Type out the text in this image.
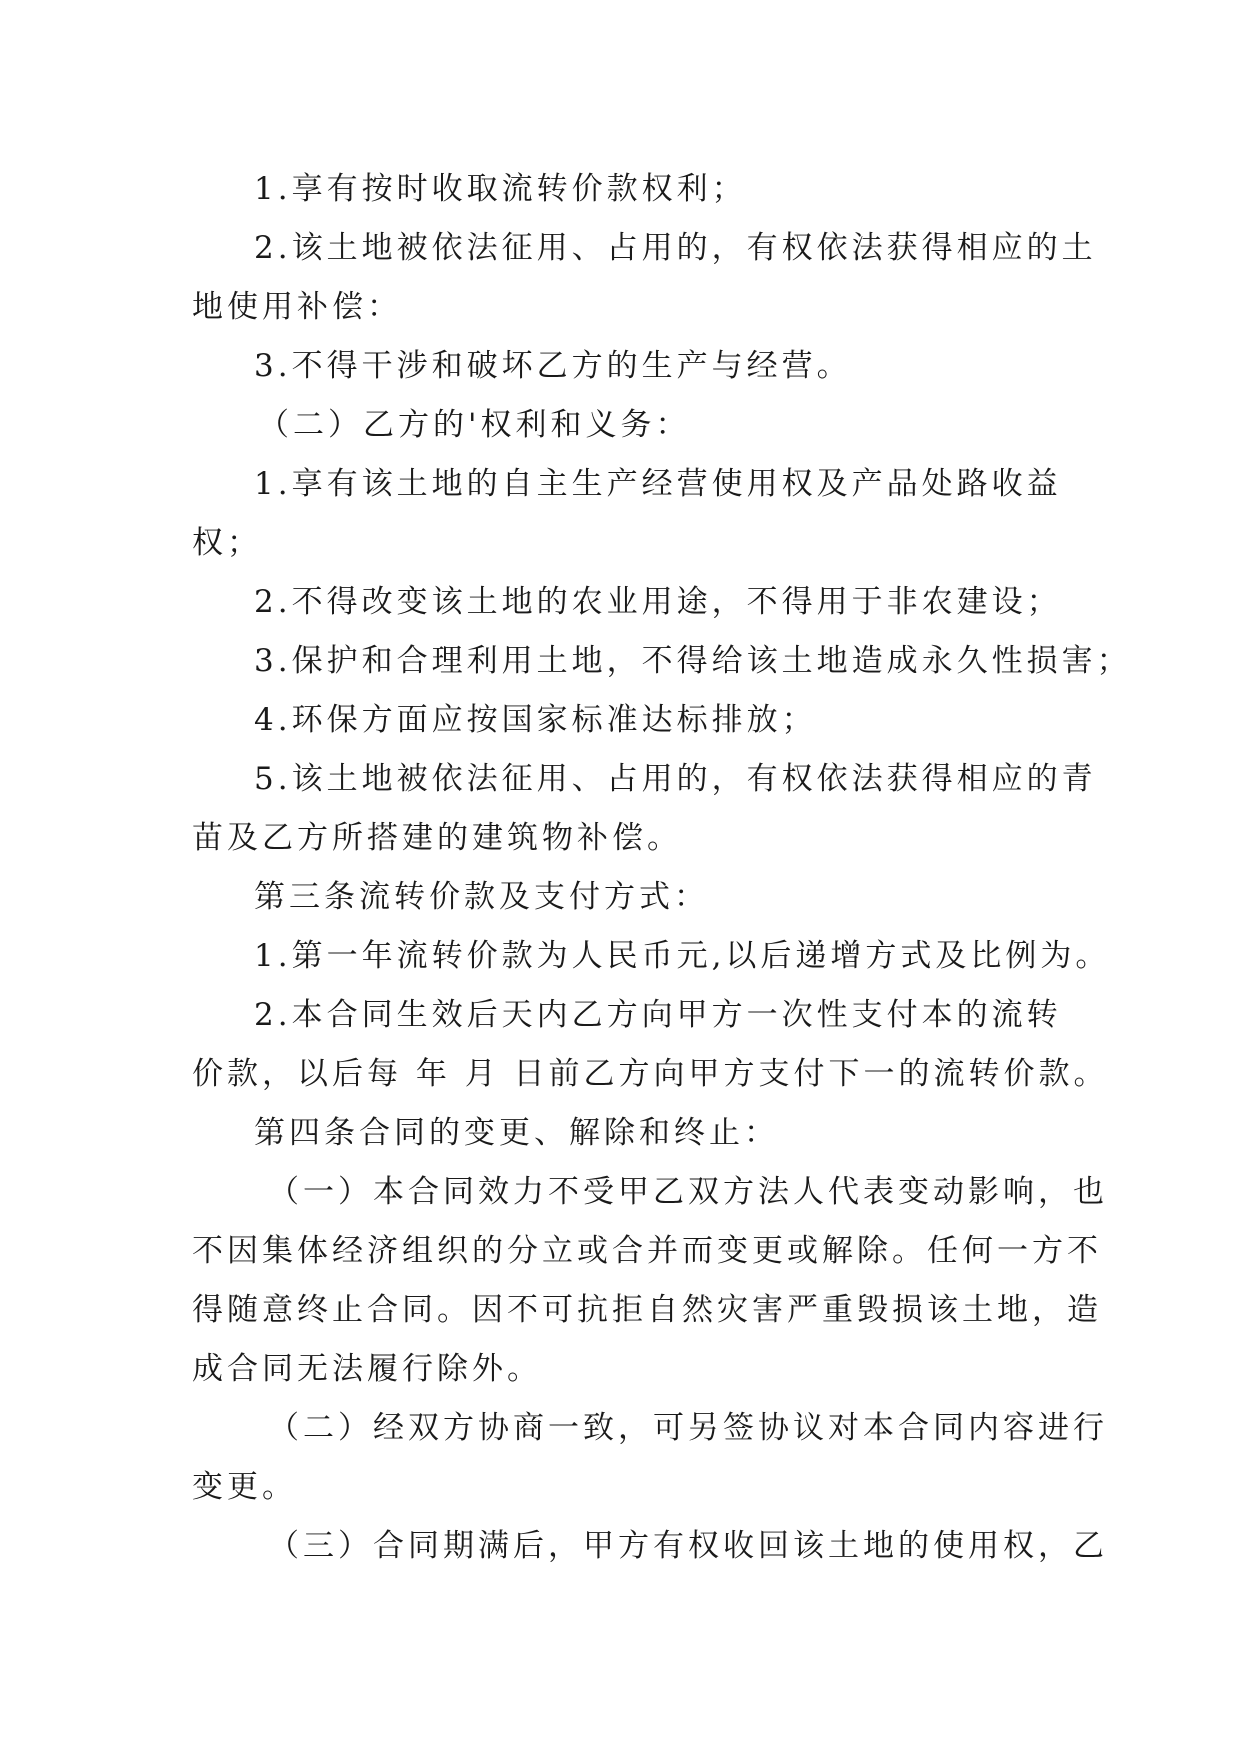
1.享有按时收取流转价款权利；
2.该土地被依法征用、占用的，有权依法获得相应的土
地使用补偿：
3.不得干涉和破坏乙方的生产与经营。
（二）乙方的'权利和义务：
1.享有该土地的自主生产经营使用权及产品处路收益
权；
2.不得改变该土地的农业用途，不得用于非农建设；
3.保护和合理利用土地，不得给该土地造成永久性损害；
4.环保方面应按国家标准达标排放；
5.该土地被依法征用、占用的，有权依法获得相应的青
苗及乙方所搭建的建筑物补偿。
第三条流转价款及支付方式：
1.第一年流转价款为人民币元,以后递增方式及比例为。
2.本合同生效后天内乙方向甲方一次性支付本的流转
价款，以后每 年 月 日前乙方向甲方支付下一的流转价款。
第四条合同的变更、解除和终止：
（一）本合同效力不受甲乙双方法人代表变动影响，也
不因集体经济组织的分立或合并而变更或解除。任何一方不
得随意终止合同。因不可抗拒自然灾害严重毁损该土地，造
成合同无法履行除外。
（二）经双方协商一致，可另签协议对本合同内容进行
变更。
（三）合同期满后，甲方有权收回该土地的使用权，乙
